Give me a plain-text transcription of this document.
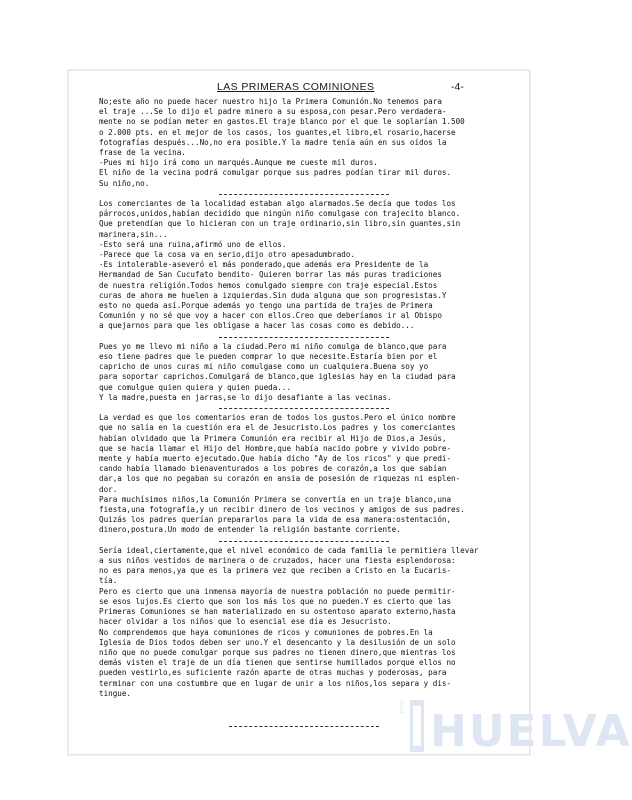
LAS PRIMERAS COMINIONES	-4-

No;este año no puede hacer nuestro hijo la Primera Comunión.No tenemos para
el traje ...Se lo dijo el padre minero a su esposa,con pesar.Pero verdadera-
mente no se podían meter en gastos.El traje blanco por el que le soplarían 1.500
o 2.000 pts. en el mejor de los casos, los guantes,el libro,el rosario,hacerse
fotografías después...No,no era posible.Y la madre tenía aún en sus oídos la
frase de la vecina.
-Pues mi hijo irá como un marqués.Aunque me cueste mil duros.
El niño de la vecina podrá comulgar porque sus padres podían tirar mil duros.
Su niño,no.

Los comerciantes de la localidad estaban algo alarmados.Se decía que todos los
párrocos,unidos,habían decidido que ningún niño comulgase con trajecito blanco.
Que pretendían que lo hicieran con un traje ordinario,sin libro,sin guantes,sin
marinera,sin...
-Esto será una ruina,afirmó uno de ellos.
-Parece que la cosa va en serio,dijo otro apesadumbrado.
-Es intolerable-aseveró el más ponderado,que además era Presidente de la
Hermandad de San Cucufato bendito- Quieren borrar las más puras tradiciones
de nuestra religión.Todos hemos comulgado siempre con traje especial.Estos
curas de ahora me huelen a izquierdas.Sin duda alguna que son progresistas.Y
esto no queda así.Porque además yo tengo una partida de trajes de Primera
Comunión y no sé que voy a hacer con ellos.Creo que deberíamos ir al Obispo
a quejarnos para que les obligase a hacer las cosas como es debido...

Pues yo me llevo mi niño a la ciudad.Pero mi niño comulga de blanco,que para
eso tiene padres que le pueden comprar lo que necesite.Estaría bien por el
capricho de unos curas mi niño comulgase como un cualquiera.Buena soy yo
para soportar caprichos.Comulgará de blanco,que iglesias hay en la ciudad para
que comulgue quien quiera y quien pueda...
Y la madre,puesta en jarras,se lo dijo desafiante a las vecinas.

La verdad es que los comentarios eran de todos los gustos.Pero el único nombre
que no salía en la cuestión era el de Jesucristo.Los padres y los comerciantes
habían olvidado que la Primera Comunión era recibir al Hijo de Dios,a Jesús,
que se hacía llamar el Hijo del Hombre,que había nacido pobre y vivido pobre-
mente y había muerto ejecutado.Que había dicho "Ay de los ricos" y que predi-
cando había llamado bienaventurados a los pobres de corazón,a los que sabían
dar,a los que no pegaban su corazón en ansia de posesión de riquezas ni esplen-
dor.
Para muchísimos niños,la Comunión Primera se convertía en un traje blanco,una
fiesta,una fotografía,y un recibir dinero de los vecinos y amigos de sus padres.
Quizás los padres querían prepararlos para la vida de esa manera:ostentación,
dinero,postura.Un modo de entender la religión bastante corriente.

Sería ideal,ciertamente,que el nivel económico de cada familia le permitiera llevar
a sus niños vestidos de marinera o de cruzados, hacer una fiesta esplendorosa:
no es para menos,ya que es la primera vez que reciben a Cristo en la Eucaris-
tía.
Pero es cierto que una inmensa mayoría de nuestra población no puede permitir-
se esos lujos.Es cierto que son los más los que no pueden.Y es cierto que las
Primeras Comuniones se han materializado en su ostentoso aparato externo,hasta
hacer olvidar a los niños que lo esencial ese día es Jesucristo.
No comprendemos que haya comuniones de ricos y comuniones de pobres.En la
Iglesia de Dios todos deben ser uno.Y el desencanto y la desilusión de un solo
niño que no puede comulgar porque sus padres no tienen dinero,que mientras los
demás visten el traje de un día tienen que sentirse humillados porque ellos no
pueden vestirlo,es suficiente razón aparte de otras muchas y poderosas, para
terminar con una costumbre que en lugar de unir a los niños,los separa y dis-
tingue.

PORT HUELVA
